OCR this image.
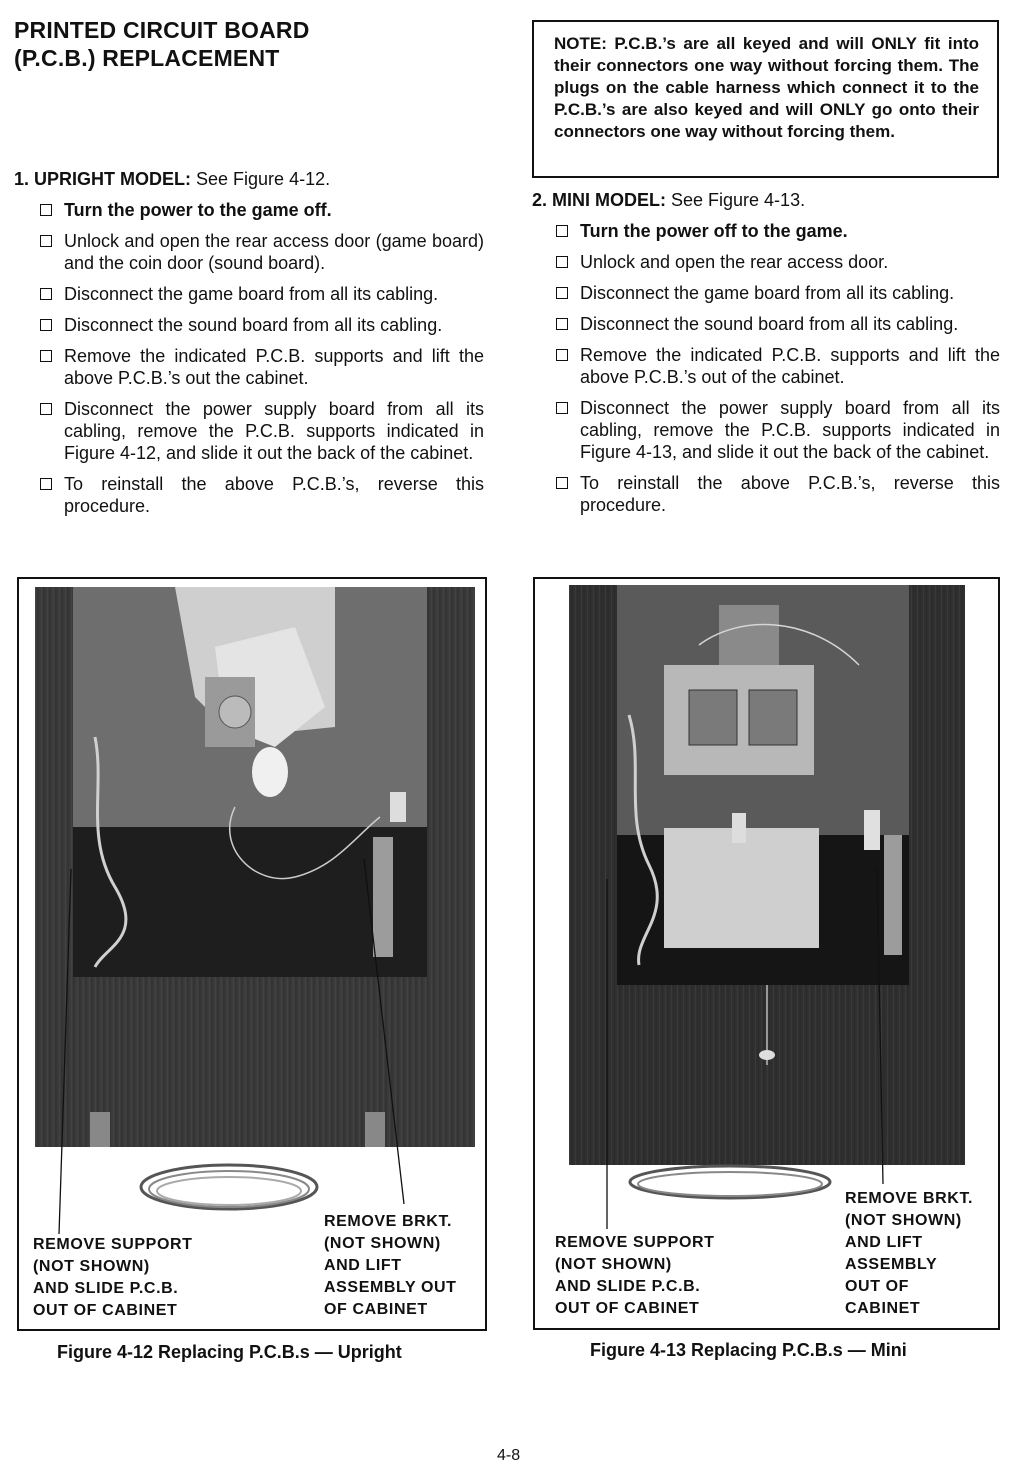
PRINTED CIRCUIT BOARD
(P.C.B.) REPLACEMENT

1. UPRIGHT MODEL: See Figure 4-12.

Turn the power to the game off.
Unlock and open the rear access door (game board) and the coin door (sound board).
Disconnect the game board from all its cabling.
Disconnect the sound board from all its cabling.
Remove the indicated P.C.B. supports and lift the above P.C.B.’s out the cabinet.
Disconnect the power supply board from all its cabling, remove the P.C.B. supports indicated in Figure 4-12, and slide it out the back of the cabinet.
To reinstall the above P.C.B.’s, reverse this procedure.

NOTE: P.C.B.’s are all keyed and will ONLY fit into their connectors one way without forcing them. The plugs on the cable harness which connect it to the P.C.B.’s are also keyed and will ONLY go onto their connectors one way without forcing them.

2. MINI MODEL: See Figure 4-13.

Turn the power off to the game.
Unlock and open the rear access door.
Disconnect the game board from all its cabling.
Disconnect the sound board from all its cabling.
Remove the indicated P.C.B. supports and lift the above P.C.B.’s out of the cabinet.
Disconnect the power supply board from all its cabling, remove the P.C.B. supports indicated in Figure 4-13, and slide it out the back of the cabinet.
To reinstall the above P.C.B.’s, reverse this procedure.

REMOVE SUPPORT
(NOT SHOWN)
AND SLIDE P.C.B.
OUT OF CABINET

REMOVE BRKT.
(NOT SHOWN)
AND LIFT
ASSEMBLY OUT
OF CABINET

Figure 4-12 Replacing P.C.B.s — Upright

REMOVE SUPPORT
(NOT SHOWN)
AND SLIDE P.C.B.
OUT OF CABINET

REMOVE BRKT.
(NOT SHOWN)
AND LIFT
ASSEMBLY
OUT OF
CABINET

Figure 4-13 Replacing P.C.B.s — Mini

4-8
